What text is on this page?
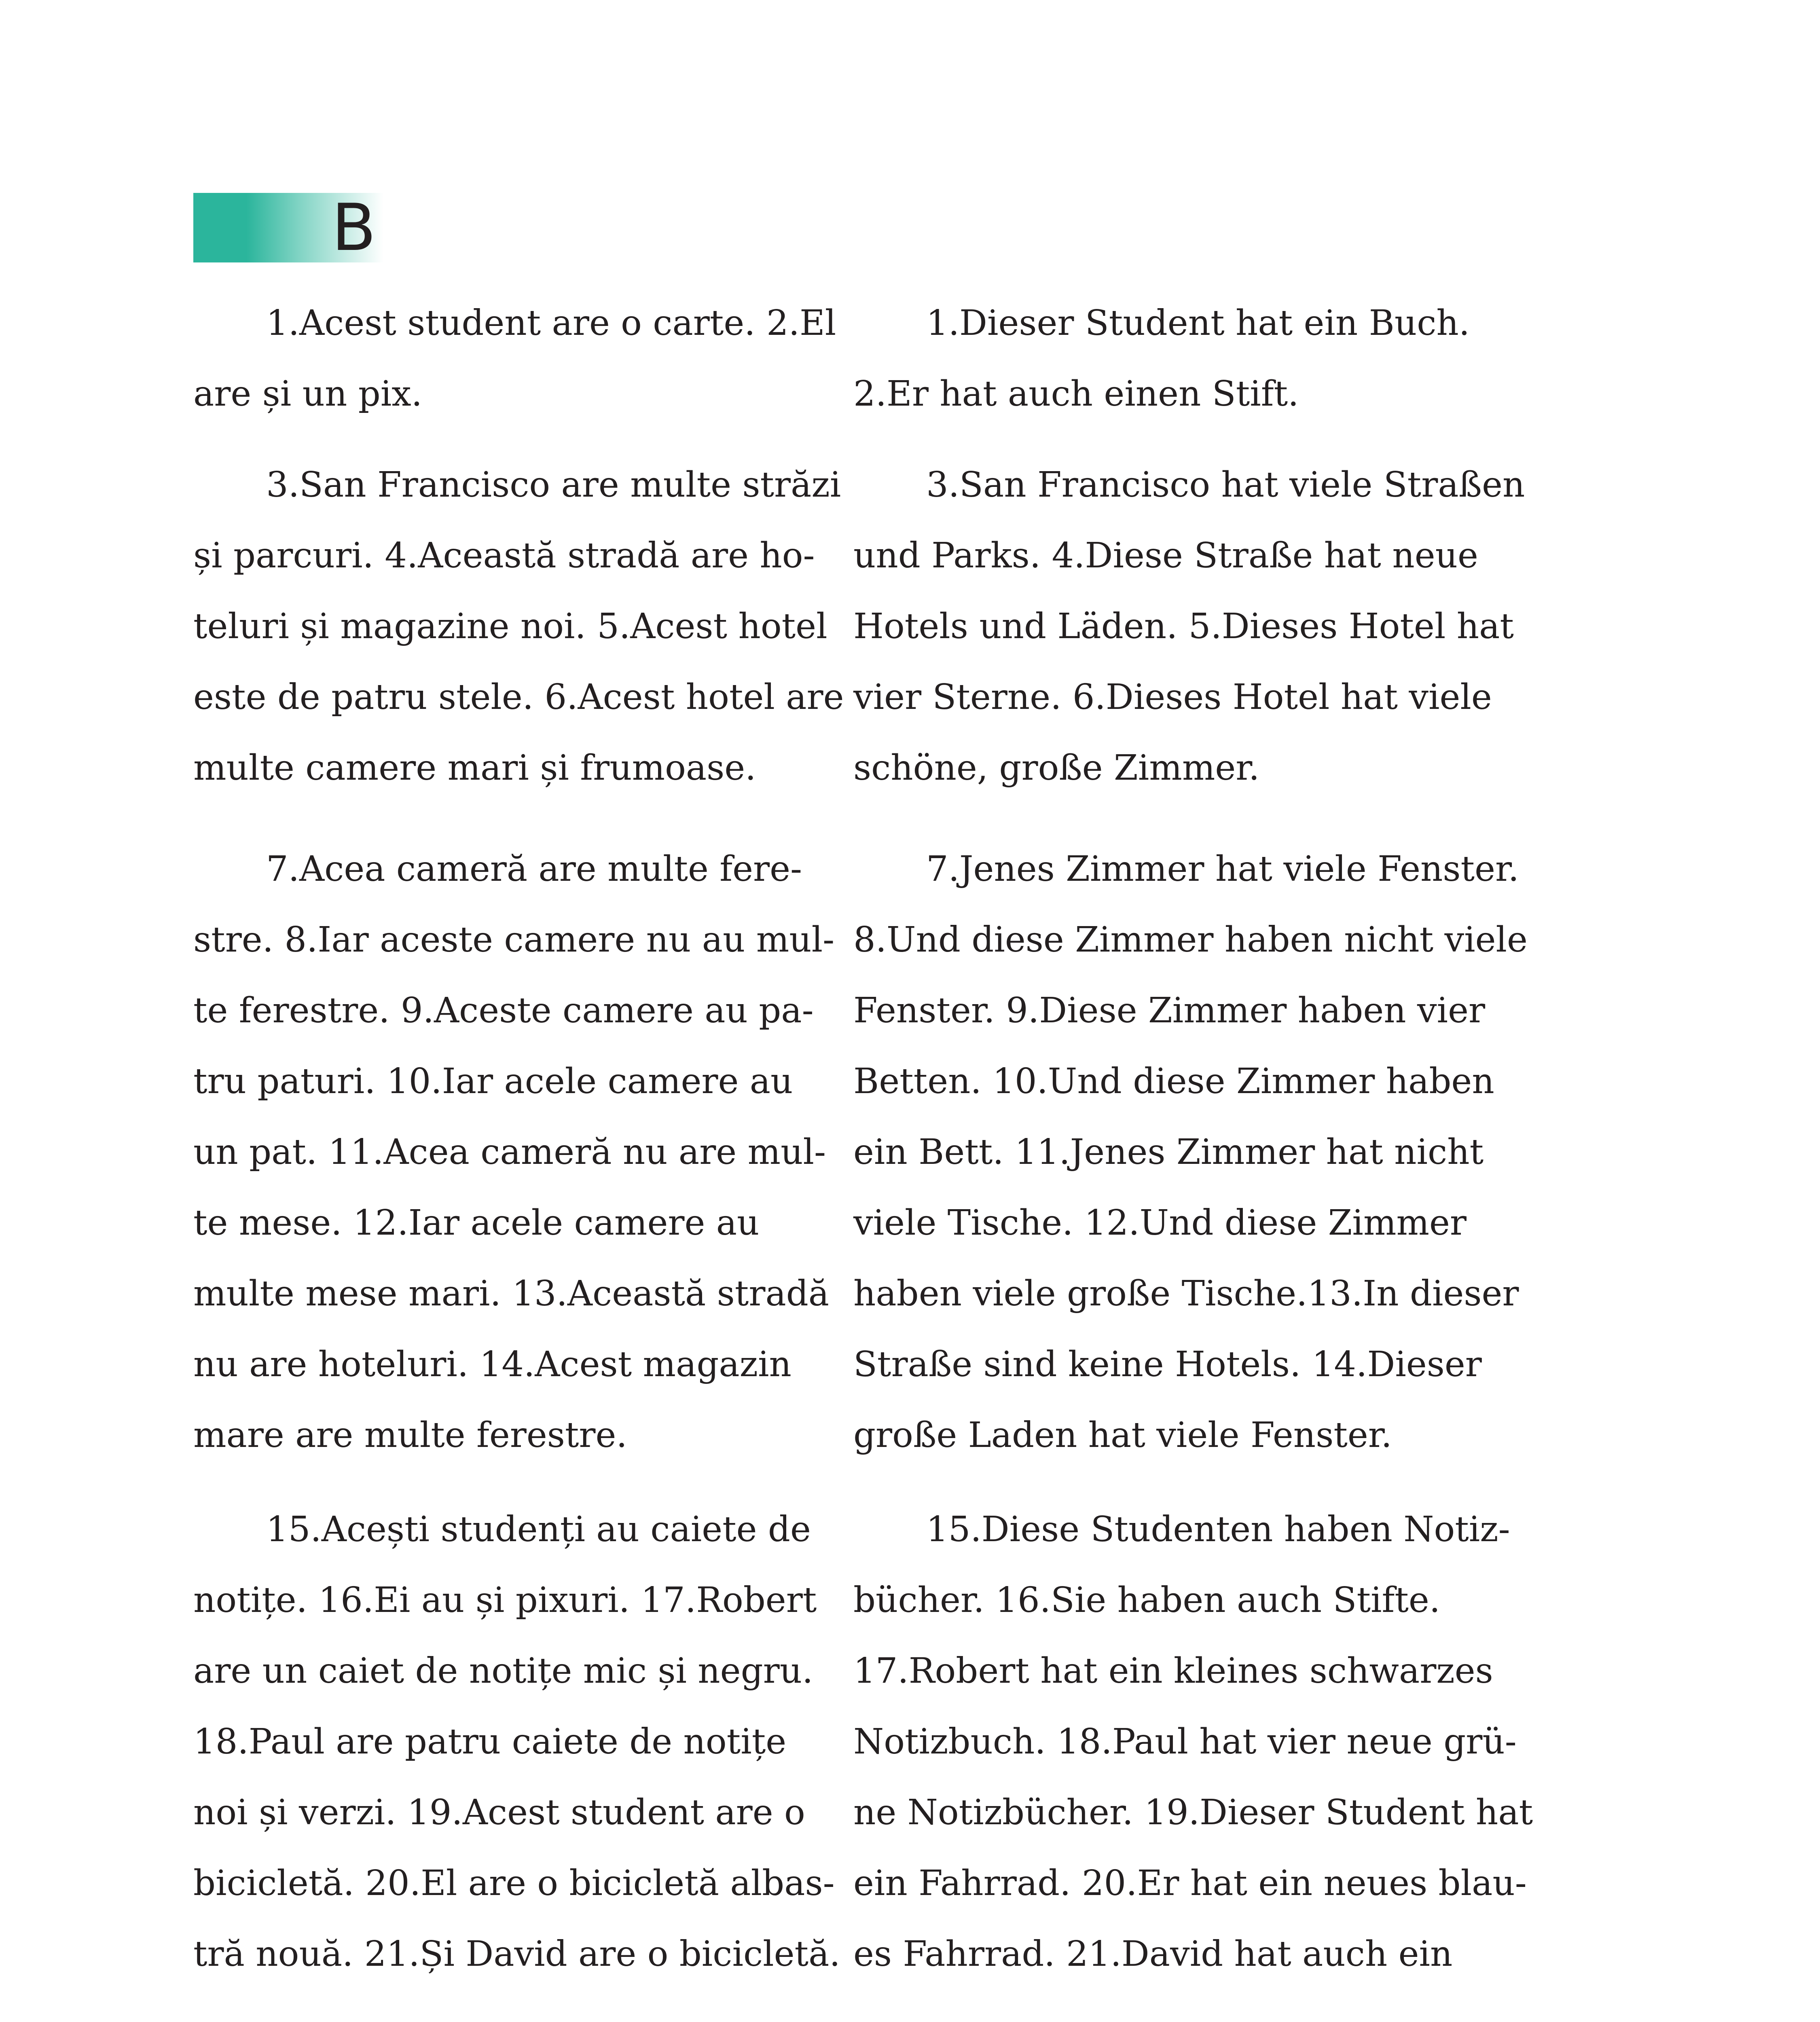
B
1.Acest student are o carte. 2.El
are și un pix.
3.San Francisco are multe străzi
și parcuri. 4.Această stradă are ho-
teluri și magazine noi. 5.Acest hotel
este de patru stele. 6.Acest hotel are
multe camere mari și frumoase.
7.Acea cameră are multe fere-
stre. 8.Iar aceste camere nu au mul-
te ferestre. 9.Aceste camere au pa-
tru paturi. 10.Iar acele camere au
un pat. 11.Acea cameră nu are mul-
te mese. 12.Iar acele camere au
multe mese mari. 13.Această stradă
nu are hoteluri. 14.Acest magazin
mare are multe ferestre.
15.Acești studenți au caiete de
notițe. 16.Ei au și pixuri. 17.Robert
are un caiet de notițe mic și negru.
18.Paul are patru caiete de notițe
noi și verzi. 19.Acest student are o
bicicletă. 20.El are o bicicletă albas-
tră nouă. 21.Și David are o bicicletă.
1.Dieser Student hat ein Buch.
2.Er hat auch einen Stift.
3.San Francisco hat viele Straßen
und Parks. 4.Diese Straße hat neue
Hotels und Läden. 5.Dieses Hotel hat
vier Sterne. 6.Dieses Hotel hat viele
schöne, große Zimmer.
7.Jenes Zimmer hat viele Fenster.
8.Und diese Zimmer haben nicht viele
Fenster. 9.Diese Zimmer haben vier
Betten. 10.Und diese Zimmer haben
ein Bett. 11.Jenes Zimmer hat nicht
viele Tische. 12.Und diese Zimmer
haben viele große Tische.13.In dieser
Straße sind keine Hotels. 14.Dieser
große Laden hat viele Fenster.
15.Diese Studenten haben Notiz-
bücher. 16.Sie haben auch Stifte.
17.Robert hat ein kleines schwarzes
Notizbuch. 18.Paul hat vier neue grü-
ne Notizbücher. 19.Dieser Student hat
ein Fahrrad. 20.Er hat ein neues blau-
es Fahrrad. 21.David hat auch ein
